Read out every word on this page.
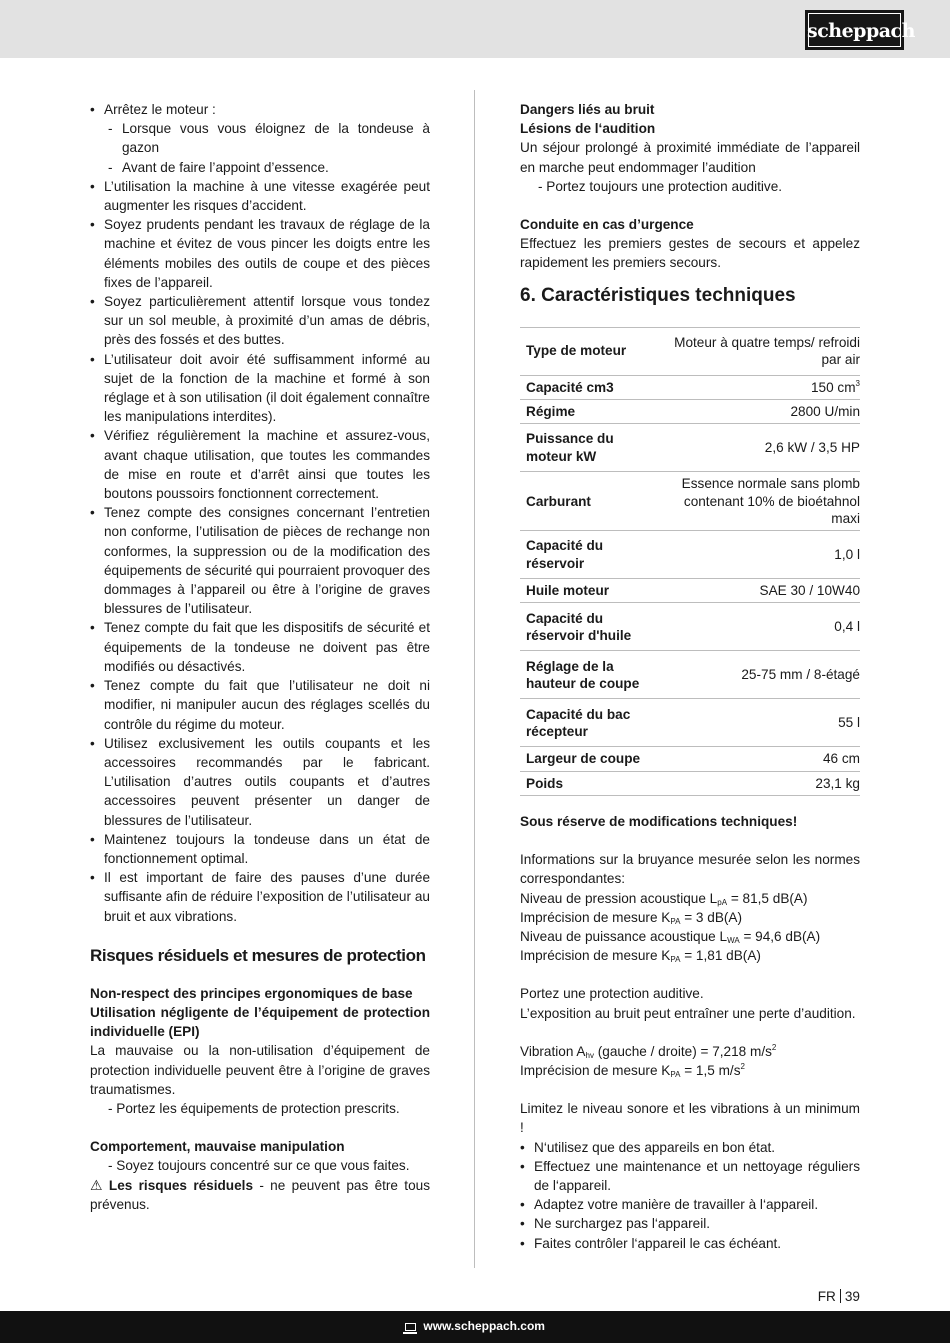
scheppach
• Arrêtez le moteur :
- Lorsque vous vous éloignez de la tondeuse à gazon
- Avant de faire l’appoint d’essence.
• L’utilisation la machine à une vitesse exagérée peut augmenter les risques d’accident.
• Soyez prudents pendant les travaux de réglage de la machine et évitez de vous pincer les doigts entre les éléments mobiles des outils de coupe et des pièces fixes de l’appareil.
• Soyez particulièrement attentif lorsque vous tondez sur un sol meuble, à proximité d’un amas de débris, près des fossés et des buttes.
• L’utilisateur doit avoir été suffisamment informé au sujet de la fonction de la machine et formé à son réglage et à son utilisation (il doit également connaître les manipulations interdites).
• Vérifiez régulièrement la machine et assurez-vous, avant chaque utilisation, que toutes les commandes de mise en route et d’arrêt ainsi que toutes les boutons poussoirs fonctionnent correctement.
• Tenez compte des consignes concernant l’entretien non conforme, l’utilisation de pièces de rechange non conformes, la suppression ou de la modification des équipements de sécurité qui pourraient provoquer des dommages à l’appareil ou être à l’origine de graves blessures de l’utilisateur.
• Tenez compte du fait que les dispositifs de sécurité et équipements de la tondeuse ne doivent pas être modifiés ou désactivés.
• Tenez compte du fait que l’utilisateur ne doit ni modifier, ni manipuler aucun des réglages scellés du contrôle du régime du moteur.
• Utilisez exclusivement les outils coupants et les accessoires recommandés par le fabricant. L’utilisation d’autres outils coupants et d’autres accessoires peuvent présenter un danger de blessures de l’utilisateur.
• Maintenez toujours la tondeuse dans un état de fonctionnement optimal.
• Il est important de faire des pauses d’une durée suffisante afin de réduire l’exposition de l’utilisateur au bruit et aux vibrations.
Risques résiduels et mesures de protection

Non-respect des principes ergonomiques de base

Utilisation négligente de l’équipement de protection individuelle (EPI)

La mauvaise ou la non-utilisation d’équipement de protection individuelle peuvent être à l’origine de graves traumatismes.

- Portez les équipements de protection prescrits.

Comportement, mauvaise manipulation

- Soyez toujours concentré sur ce que vous faites.

⚠ Les risques résiduels - ne peuvent pas être tous prévenus.

Dangers liés au bruit

Lésions de l‘audition

Un séjour prolongé à proximité immédiate de l’appareil en marche peut endommager l’audition

- Portez toujours une protection auditive.

Conduite en cas d’urgence

Effectuez les premiers gestes de secours et appelez rapidement les premiers secours.

6. Caractéristiques techniques
Type de moteur	Moteur à quatre temps/ refroidi par air
Capacité cm3	150 $cm^3$
Régime	2800 U/min
Puissance du moteur kW	2,6 kW / 3,5 HP
Carburant	Essence normale sans plomb contenant 10% de bioétahnol maxi
Capacité du réservoir	1,0 l
Huile moteur	SAE 30 / 10W40
Capacité du réservoir d'huile	0,4 l
Réglage de la hauteur de coupe	25-75 mm / 8-étagé
Capacité du bac récepteur	55 l
Largeur de coupe	46 cm
Poids	23,1 kg

Sous réserve de modifications techniques!

Informations sur la bruyance mesurée selon les normes correspondantes:

Niveau de pression acoustique $L_{pA} = 81,5$ dB(A)

Imprécision de mesure $K_{PA} = 3$ dB(A)

Niveau de puissance acoustique $L_{WA} = 94,6$ dB(A)

Imprécision de mesure $K_{PA} = 1,81$ dB(A)

Portez une protection auditive.

L’exposition au bruit peut entraîner une perte d’audition.

Vibration $A_{hv}$ (gauche / droite) = 7,218 $m/s^2$

Imprécision de mesure $K_{PA} = 1,5$ $m/s^2$

Limitez le niveau sonore et les vibrations à un minimum !

• N‘utilisez que des appareils en bon état.
• Effectuez une maintenance et un nettoyage réguliers de l‘appareil.
• Adaptez votre manière de travailler à l‘appareil.
• Ne surchargez pas l‘appareil.
• Faites contrôler l‘appareil le cas échéant.
FR 39
www.scheppach.com
